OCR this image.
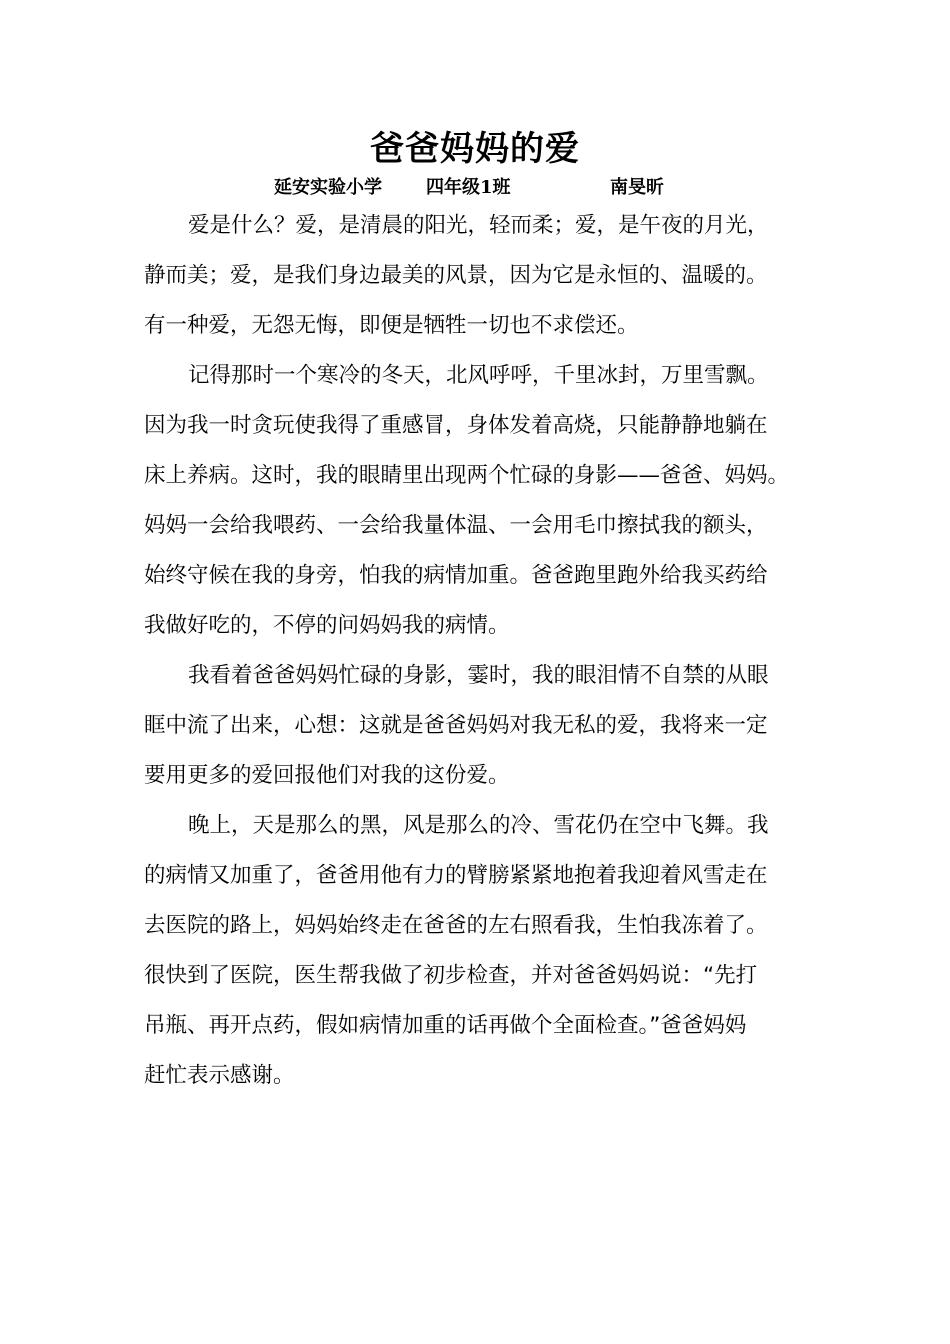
爸爸妈妈的爱
延安实验小学 四年级1班	南旻昕
爱是什么？爱，是清晨的阳光，轻而柔；爱，是午夜的月光，
静而美；爱，是我们身边最美的风景，因为它是永恒的、温暖的。
有一种爱，无怨无悔，即便是牺牲一切也不求偿还。
记得那时一个寒冷的冬天，北风呼呼，千里冰封，万里雪飘。
因为我一时贪玩使我得了重感冒，身体发着高烧，只能静静地躺在
床上养病。这时，我的眼睛里出现两个忙碌的身影——爸爸、妈妈。
妈妈一会给我喂药、一会给我量体温、一会用毛巾擦拭我的额头，
始终守候在我的身旁，怕我的病情加重。爸爸跑里跑外给我买药给
我做好吃的，不停的问妈妈我的病情。
我看着爸爸妈妈忙碌的身影，霎时，我的眼泪情不自禁的从眼
眶中流了出来，心想：这就是爸爸妈妈对我无私的爱，我将来一定
要用更多的爱回报他们对我的这份爱。
晚上，天是那么的黑，风是那么的冷、雪花仍在空中飞舞。我
的病情又加重了，爸爸用他有力的臂膀紧紧地抱着我迎着风雪走在
去医院的路上，妈妈始终走在爸爸的左右照看我，生怕我冻着了。
很快到了医院，医生帮我做了初步检查，并对爸爸妈妈说：“先打
吊瓶、再开点药，假如病情加重的话再做个全面检查。”爸爸妈妈
赶忙表示感谢。
